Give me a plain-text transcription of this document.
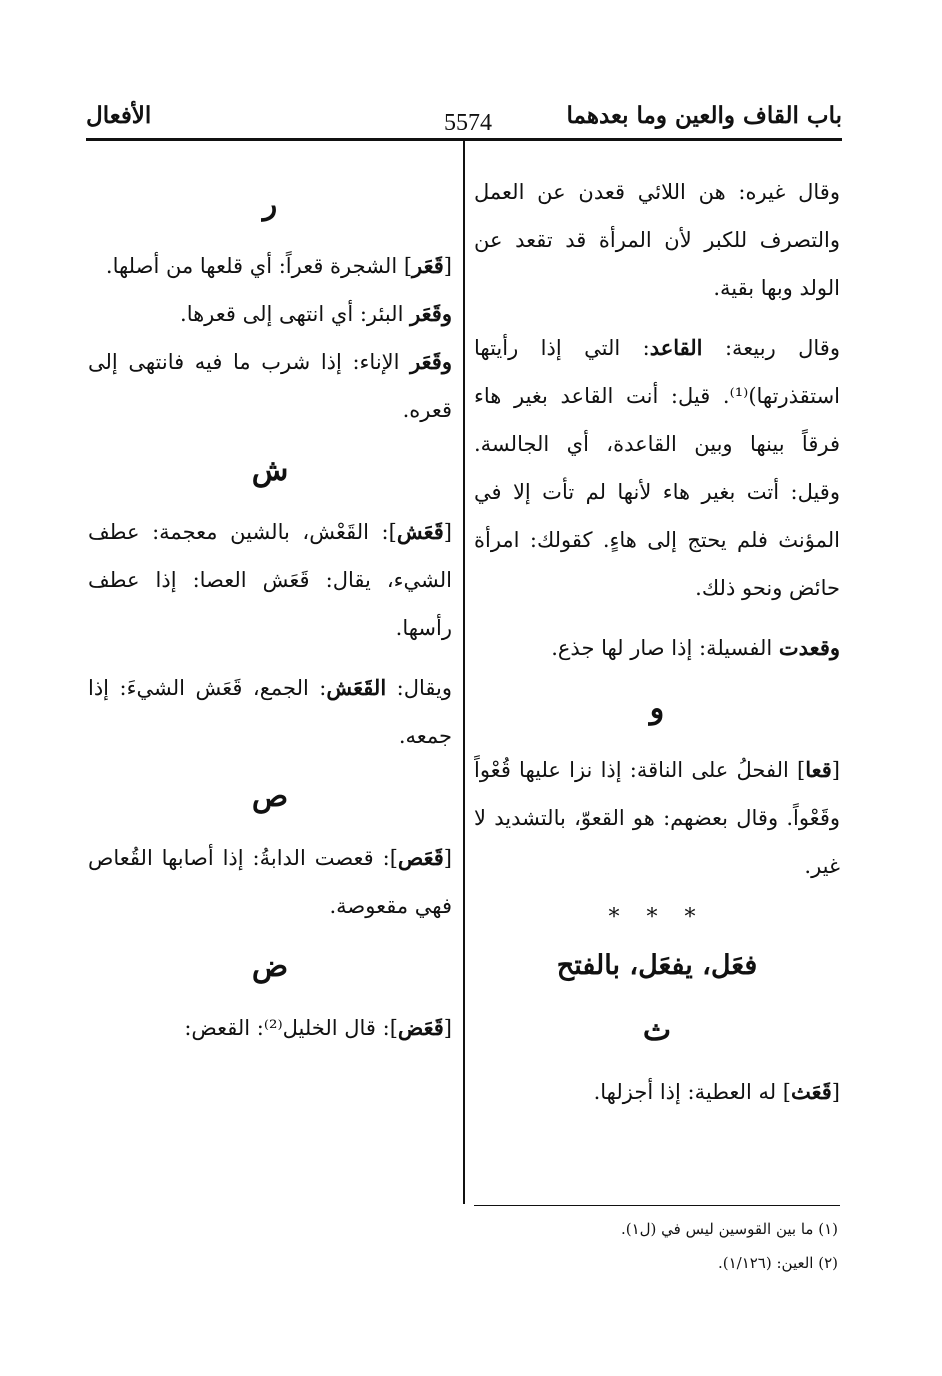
باب القاف والعين وما بعدهما
5574
الأفعال

وقال غيره: هن اللائي قعدن عن العمل والتصرف للكبر لأن المرأة قد تقعد عن الولد وبها بقية.

وقال ربيعة: القاعد: التي إذا رأيتها استقذرتها)⁽¹⁾. قيل: أنت القاعد بغير هاء فرقاً بينها وبين القاعدة، أي الجالسة. وقيل: أتت بغير هاء لأنها لم تأت إلا في المؤنث فلم يحتج إلى هاءٍ. كقولك: امرأة حائض ونحو ذلك.

وقعدت الفسيلة: إذا صار لها جذع.

و

[قعا] الفحلُ على الناقة: إذا نزا عليها قُعْواً وقَعْواً. وقال بعضهم: هو القعوّ، بالتشديد لا غير.

* * *
فعَل، يفعَل، بالفتح
ث

[قَعَث] له العطية: إذا أجزلها.

ر

[قَعَر] الشجرة قعراً: أي قلعها من أصلها.

وقَعَر البئر: أي انتهى إلى قعرها.

وقَعَر الإناء: إذا شرب ما فيه فانتهى إلى قعره.

ش

[قَعَش]: القَعْش، بالشين معجمة: عطف الشيء، يقال: قَعَش العصا: إذا عطف رأسها.

ويقال: القَعَش: الجمع، قَعَش الشيءَ: إذا جمعه.

ص

[قَعَص]: قعصت الدابةُ: إذا أصابها القُعاص فهي مقعوصة.

ض

[قَعَض]: قال الخليل⁽²⁾: القعض:

(١) ما بين القوسين ليس في (ل١).

(٢) العين: (١/١٢٦).
